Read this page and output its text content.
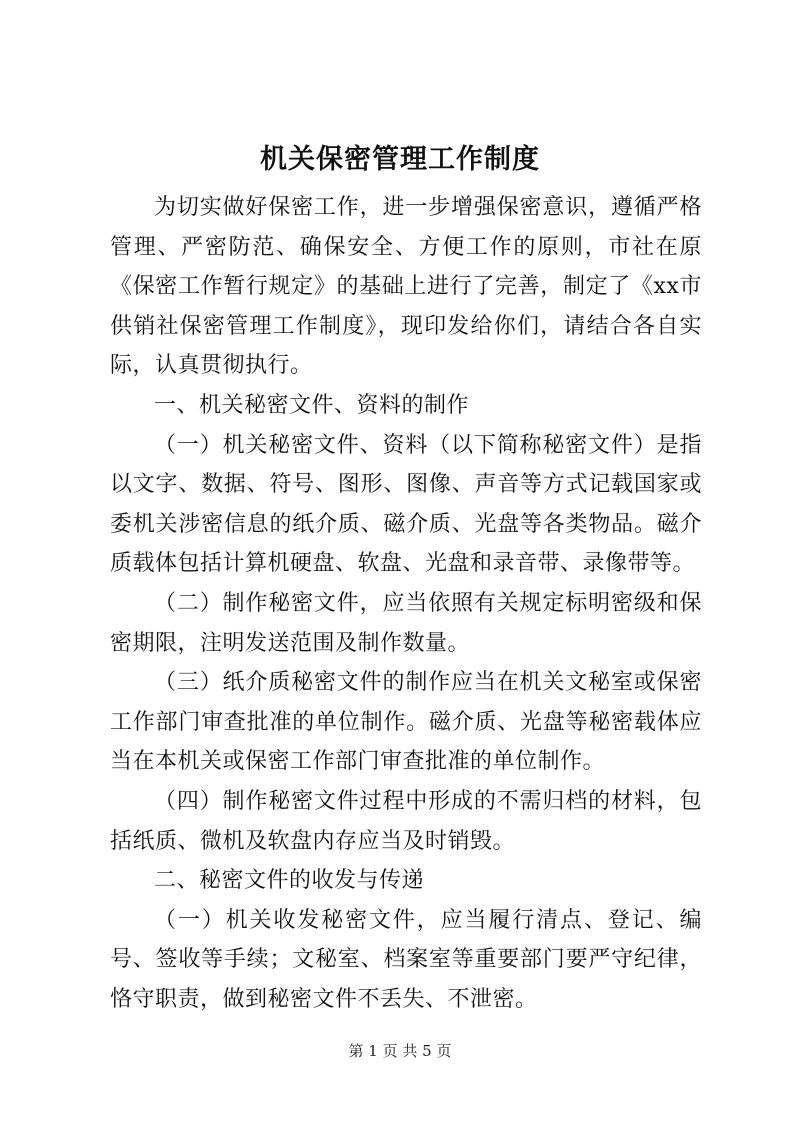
机关保密管理工作制度

为切实做好保密工作，进一步增强保密意识，遵循严格管理、严密防范、确保安全、方便工作的原则，市社在原《保密工作暂行规定》的基础上进行了完善，制定了《xx市供销社保密管理工作制度》，现印发给你们，请结合各自实际，认真贯彻执行。

一、机关秘密文件、资料的制作

（一）机关秘密文件、资料（以下简称秘密文件）是指以文字、数据、符号、图形、图像、声音等方式记载国家或委机关涉密信息的纸介质、磁介质、光盘等各类物品。磁介质载体包括计算机硬盘、软盘、光盘和录音带、录像带等。

（二）制作秘密文件，应当依照有关规定标明密级和保密期限，注明发送范围及制作数量。

（三）纸介质秘密文件的制作应当在机关文秘室或保密工作部门审查批准的单位制作。磁介质、光盘等秘密载体应当在本机关或保密工作部门审查批准的单位制作。

（四）制作秘密文件过程中形成的不需归档的材料，包括纸质、微机及软盘内存应当及时销毁。

二、秘密文件的收发与传递

（一）机关收发秘密文件，应当履行清点、登记、编号、签收等手续；文秘室、档案室等重要部门要严守纪律，恪守职责，做到秘密文件不丢失、不泄密。

第 1 页 共 5 页
